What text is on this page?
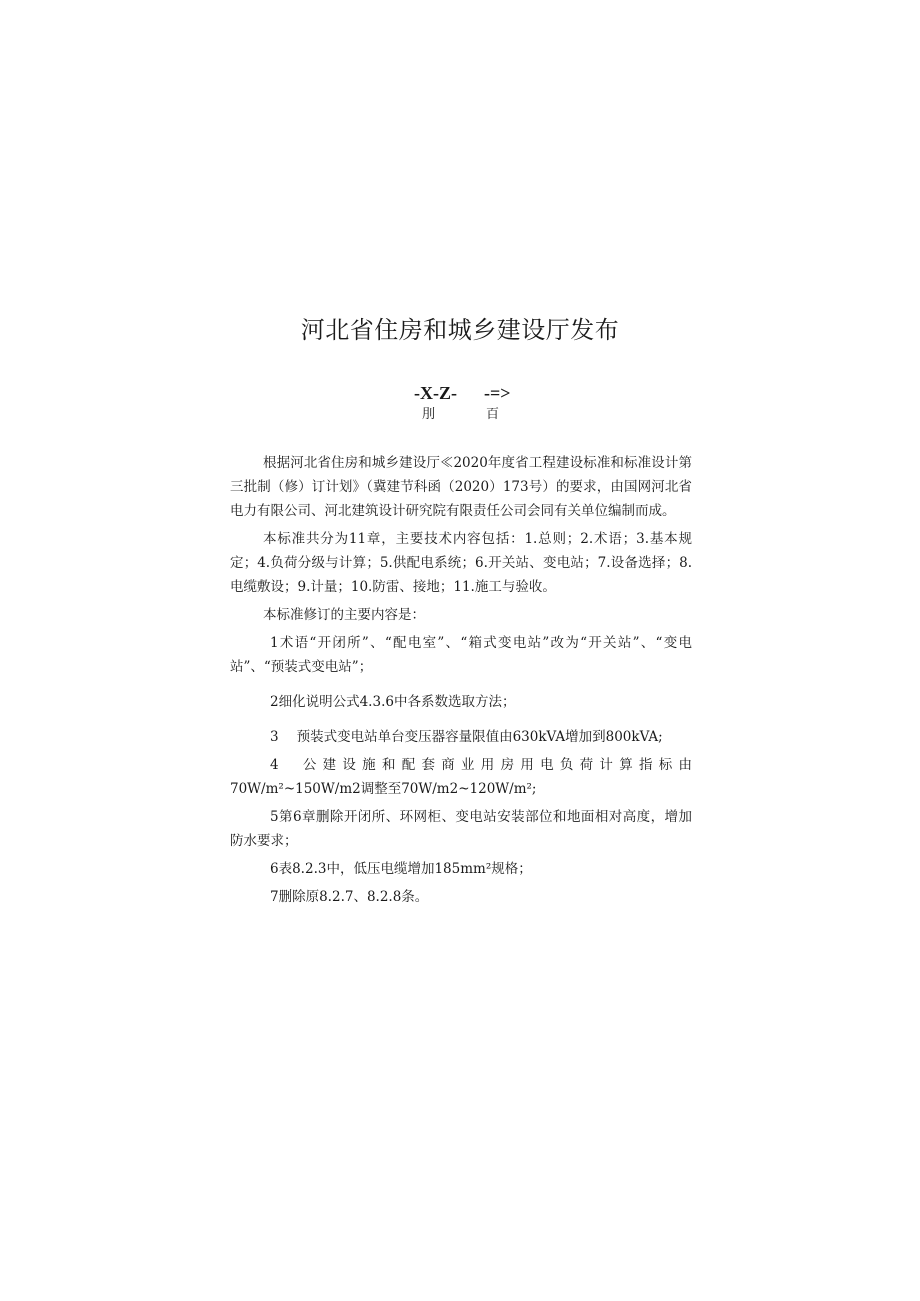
河北省住房和城乡建设厅发布
-X-Z- -=>
刖	百

根据河北省住房和城乡建设厅≪2020年度省工程建设标准和标准设计第三批制（修）订计划》（冀建节科函（2020）173号）的要求，由国网河北省电力有限公司、河北建筑设计研究院有限责任公司会同有关单位编制而成。

本标准共分为11章，主要技术内容包括：1.总则；2.术语；3.基本规定；4.负荷分级与计算；5.供配电系统；6.开关站、变电站；7.设备选择；8.电缆敷设；9.计量；10.防雷、接地；11.施工与验收。

本标准修订的主要内容是：

1术语“开闭所”、“配电室”、“箱式变电站”改为“开关站”、“变电站”、“预装式变电站”；

2细化说明公式4.3.6中各系数选取方法；

3 预装式变电站单台变压器容量限值由630kVA增加到800kVA;

4 公建设施和配套商业用房用电负荷计算指标由70W/m²~150W/m2调整至70W/m2~120W/m²;

5第6章删除开闭所、环网柜、变电站安装部位和地面相对高度，增加防水要求；

6表8.2.3中，低压电缆增加185mm²规格；

7删除原8.2.7、8.2.8条。
